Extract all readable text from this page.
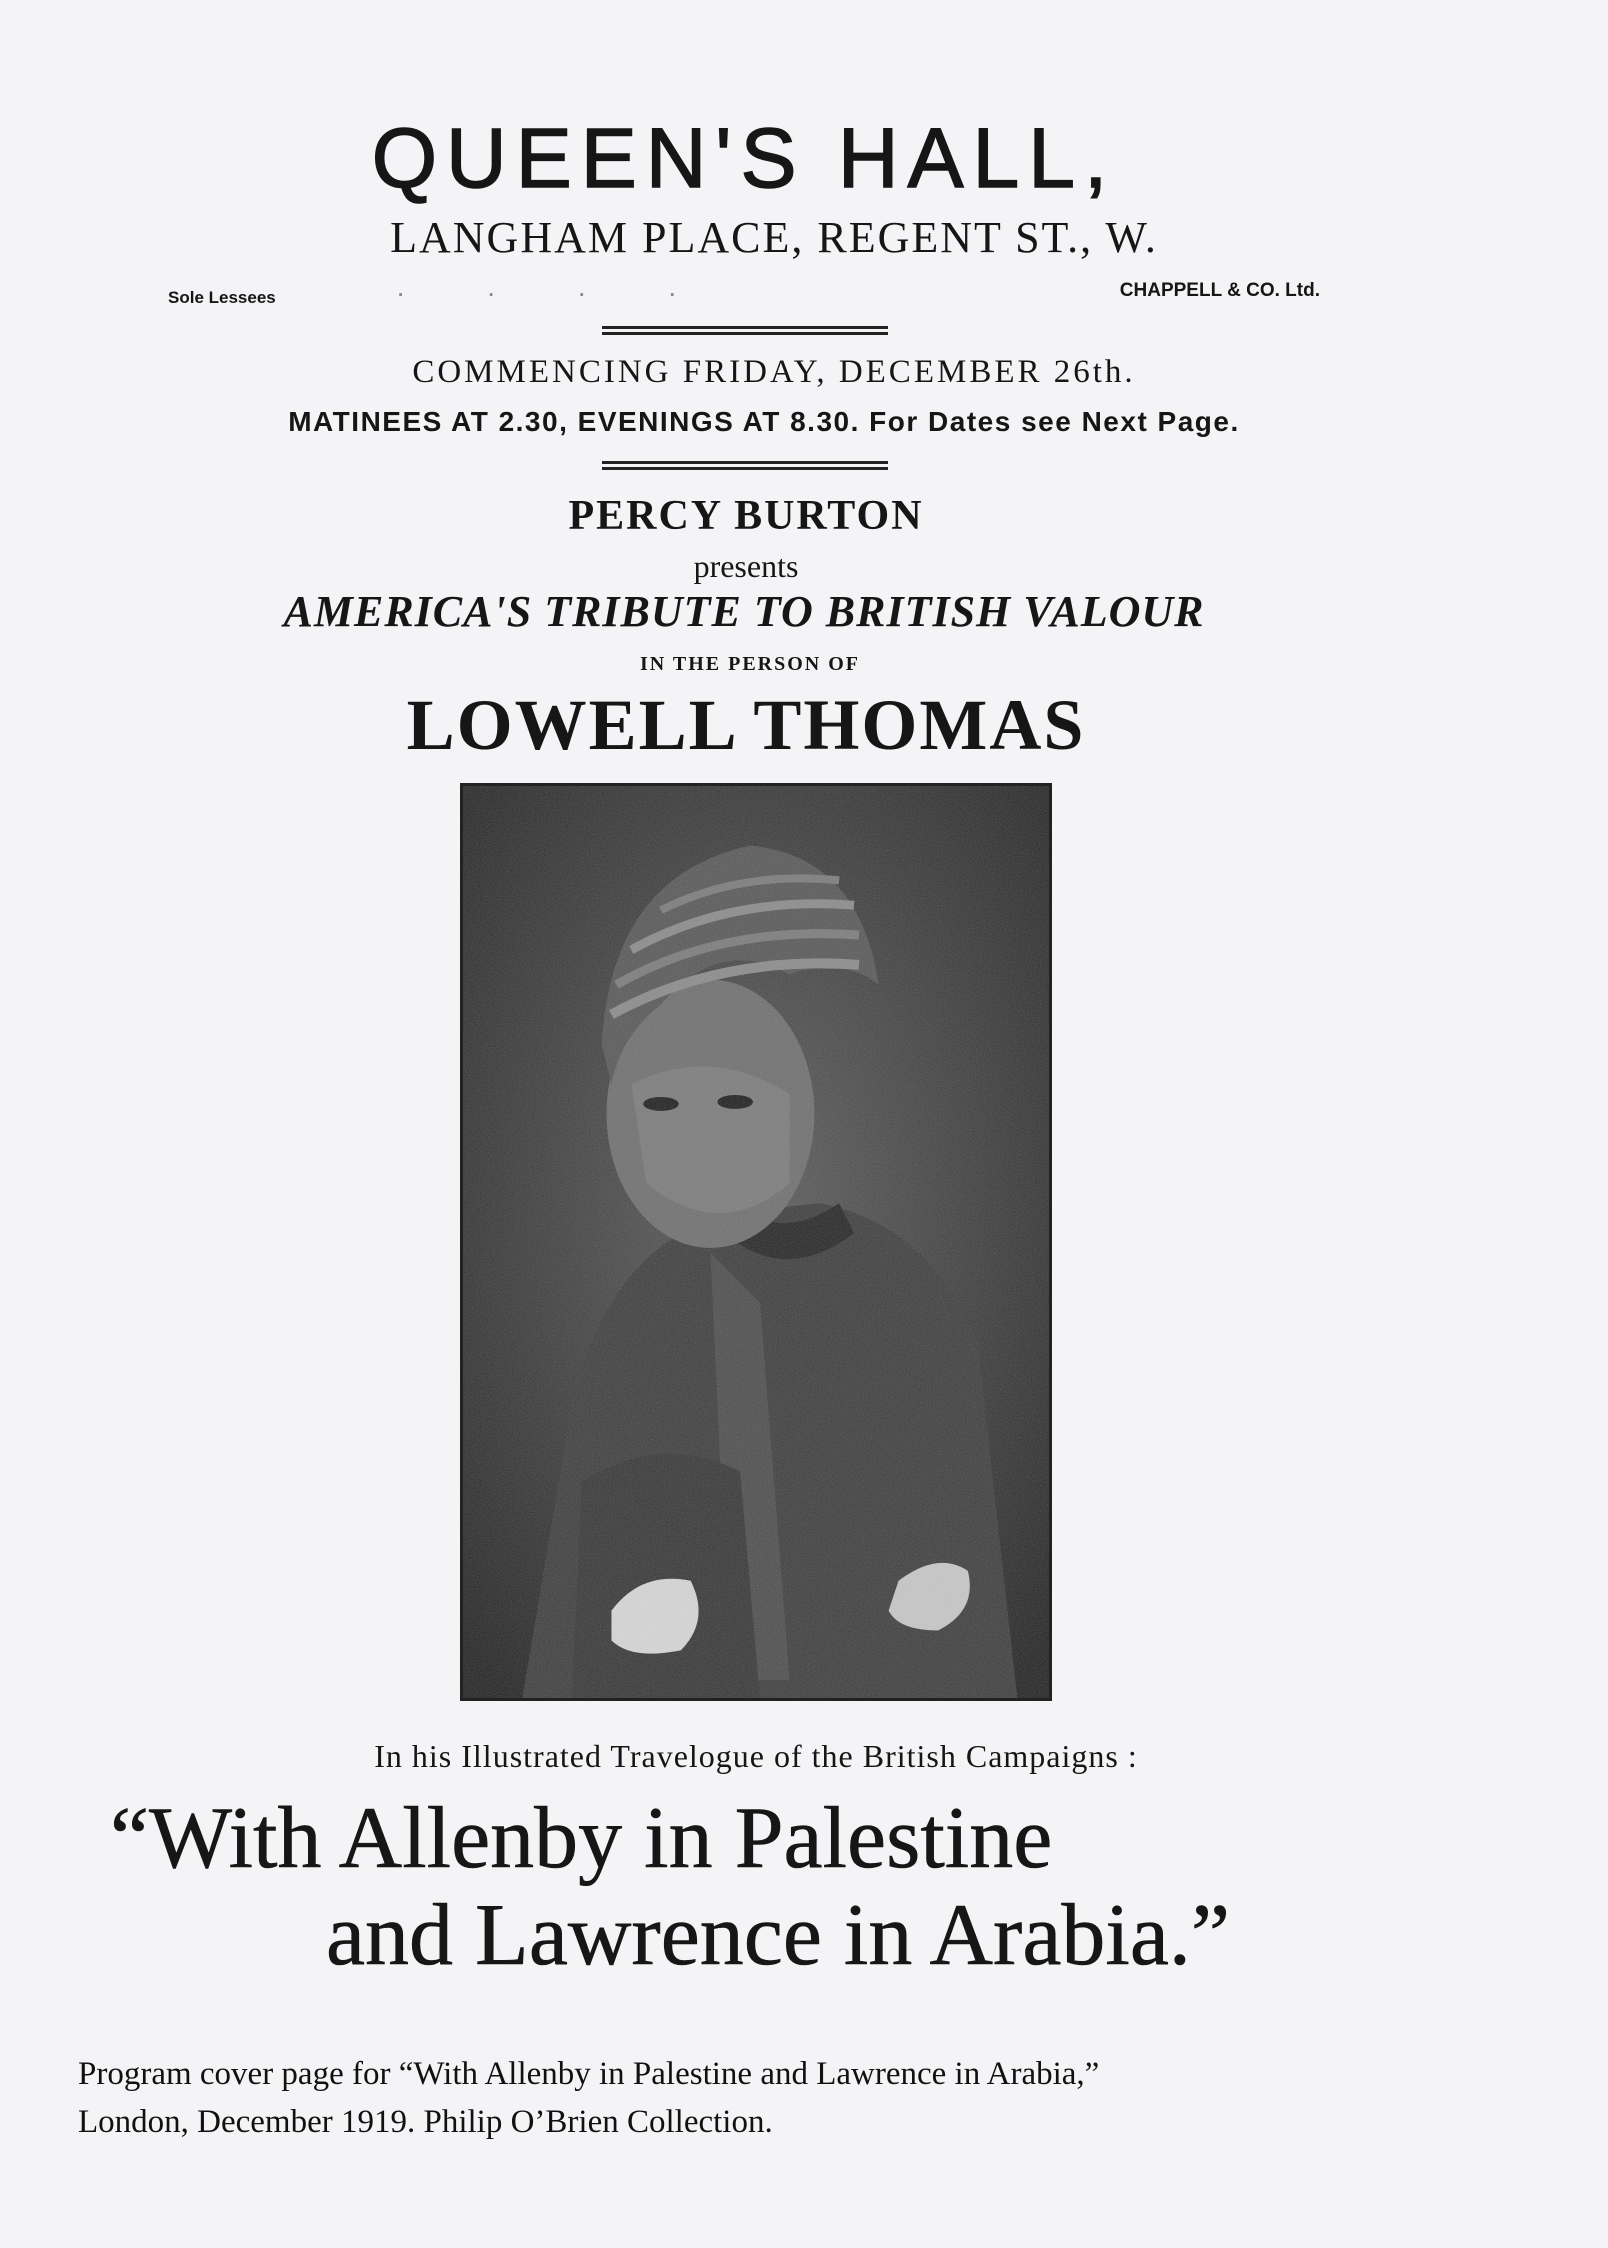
QUEEN'S HALL,
LANGHAM PLACE, REGENT ST., W.
Sole Lessees	. . . .	CHAPPELL & CO. Ltd.
COMMENCING FRIDAY, DECEMBER 26th.
MATINEES AT 2.30, EVENINGS AT 8.30. For Dates see Next Page.
PERCY BURTON
presents
AMERICA'S TRIBUTE TO BRITISH VALOUR
IN THE PERSON OF
LOWELL THOMAS
In his Illustrated Travelogue of the British Campaigns :
“With Allenby in Palestine
and Lawrence in Arabia.”
Program cover page for “With Allenby in Palestine and Lawrence in Arabia,”
London, December 1919. Philip O’Brien Collection.
